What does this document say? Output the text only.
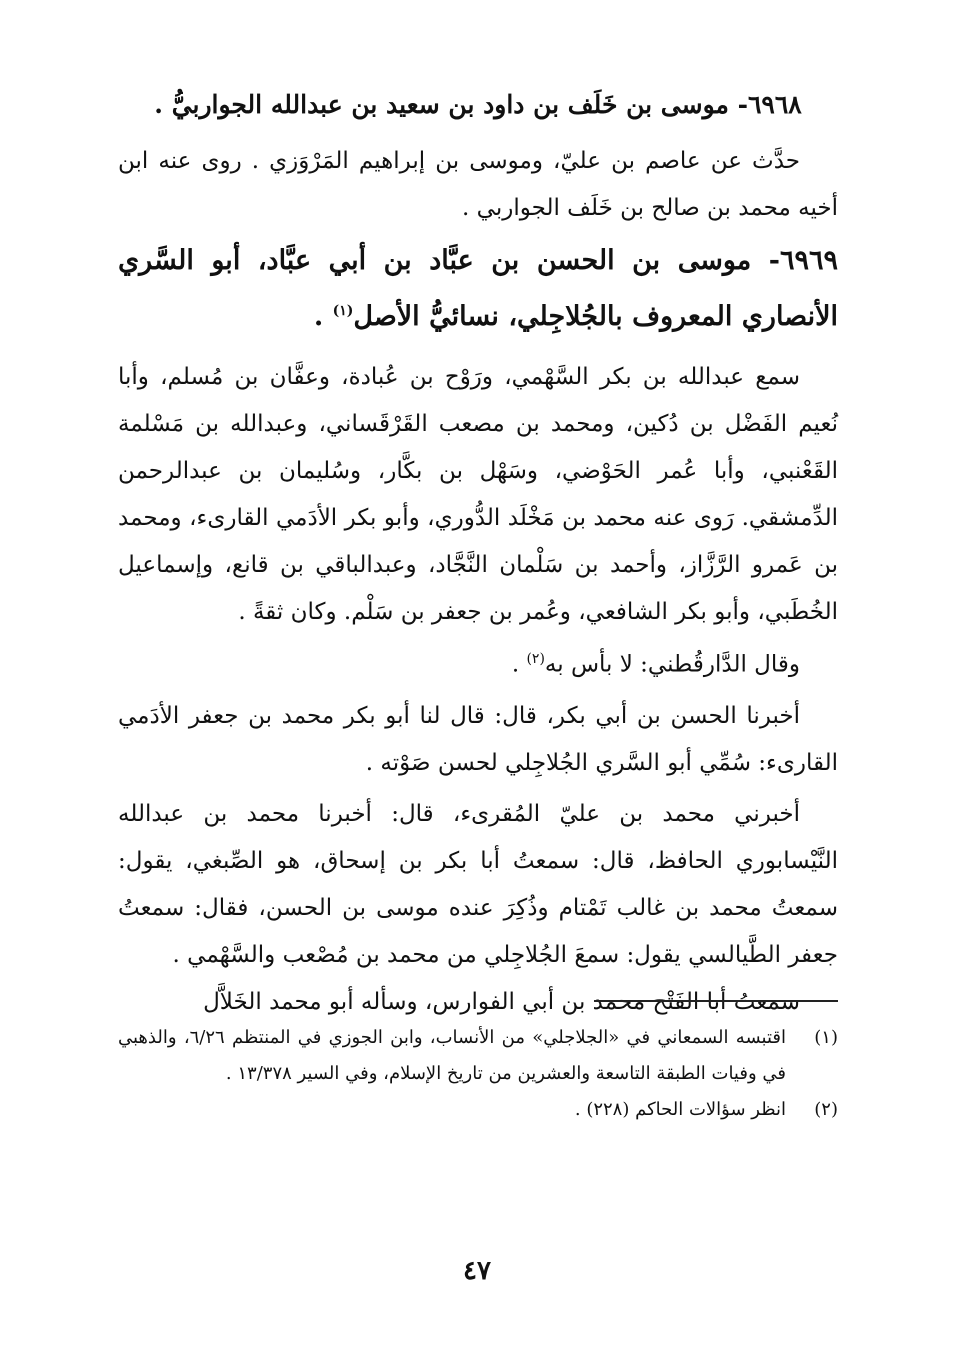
٦٩٦٨- موسى بن خَلَف بن داود بن سعيد بن عبدالله الجواربيُّ .

حدَّث عن عاصم بن عليّ، وموسى بن إبراهيم المَرْوَزي . روى عنه ابن أخيه محمد بن صالح بن خَلَف الجواربي .

٦٩٦٩- موسى بن الحسن بن عبَّاد بن أبي عبَّاد، أبو السَّري الأنصاري المعروف بالجُلاجِلي، نسائيُّ الأصل$^{(١)}$ .

سمع عبدالله بن بكر السَّهْمي، ورَوْح بن عُبادة، وعفَّان بن مُسلم، وأبا نُعيم الفَضْل بن دُكين، ومحمد بن مصعب القَرْقَساني، وعبدالله بن مَسْلمة القَعْنبي، وأبا عُمر الحَوْضي، وسَهْل بن بكَّار، وسُليمان بن عبدالرحمن الدِّمشقي. رَوى عنه محمد بن مَخْلَد الدُّوري، وأبو بكر الأدَمي القارىء، ومحمد بن عَمرو الرَّزَّاز، وأحمد بن سَلْمان النَّجَّاد، وعبدالباقي بن قانع، وإسماعيل الخُطَبي، وأبو بكر الشافعي، وعُمر بن جعفر بن سَلْم. وكان ثقةً .

وقال الدَّارقُطني: لا بأس به$^{(٢)}$ .

أخبرنا الحسن بن أبي بكر، قال: قال لنا أبو بكر محمد بن جعفر الأدَمي القارىء: سُمِّي أبو السَّري الجُلاجِلي لحسن صَوْته .

أخبرني محمد بن عليّ المُقرىء، قال: أخبرنا محمد بن عبدالله النَّيْسابوري الحافظ، قال: سمعتُ أبا بكر بن إسحاق، هو الصِّبغي، يقول: سمعتُ محمد بن غالب تَمْتام وذُكِرَ عنده موسى بن الحسن، فقال: سمعتُ جعفر الطَّيالسي يقول: سمعَ الجُلاجِلي من محمد بن مُصْعب والسَّهْمي .

سمعتُ أبا الفَتْح محمد بن أبي الفوارس، وسأله أبو محمد الخَلاَّل

(١)
اقتبسه السمعاني في «الجلاجلي» من الأنساب، وابن الجوزي في المنتظم ٦/٢٦، والذهبي في وفيات الطبقة التاسعة والعشرين من تاريخ الإسلام، وفي السير ١٣/٣٧٨ .
(٢)
انظر سؤالات الحاكم (٢٢٨) .
٤٧
